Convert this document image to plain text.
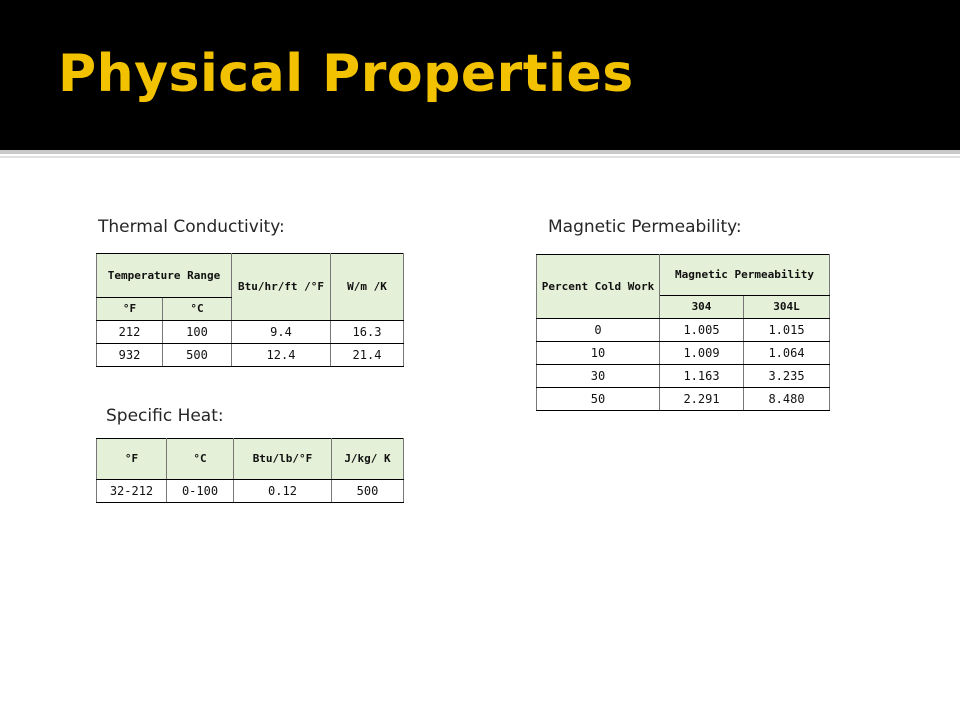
Physical Properties
Thermal Conductivity:
Temperature Range		Btu/hr/ft /°F	W/m /K
°F	°C		
212	100	9.4	16.3
932	500	12.4	21.4
Specific Heat:
°F	°C	Btu/lb/°F	J/kg/ K
32-212	0-100	0.12	500
Magnetic Permeability:
Percent Cold Work	Magnetic Permeability	
	304	304L
0	1.005	1.015
10	1.009	1.064
30	1.163	3.235
50	2.291	8.480
